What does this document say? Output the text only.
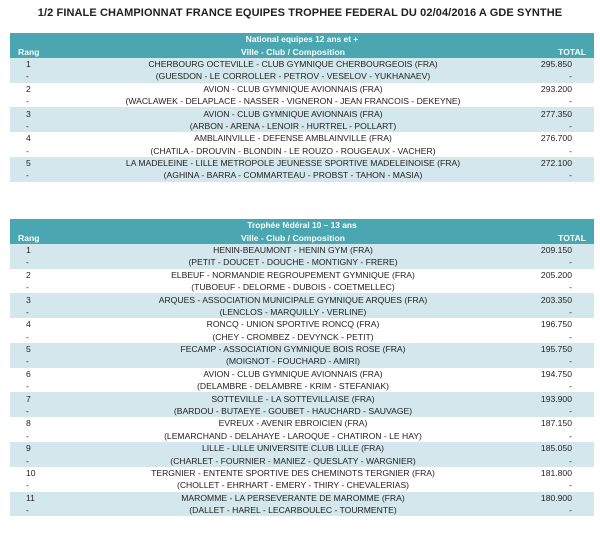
1/2 FINALE CHAMPIONNAT FRANCE EQUIPES TROPHEE FEDERAL DU 02/04/2016 A GDE SYNTHE
National equipes 12 ans et +		
Rang	Ville - Club / Composition	TOTAL
1	CHERBOURG OCTEVILLE - CLUB GYMNIQUE CHERBOURGEOIS (FRA)	295.850
-	(GUESDON - LE CORROLLER - PETROV - VESELOV - YUKHANAEV)	-
2	AVION - CLUB GYMNIQUE AVIONNAIS (FRA)	293.200
-	(WACLAWEK - DELAPLACE - NASSER - VIGNERON - JEAN FRANCOIS - DEKEYNE)	-
3	AVION - CLUB GYMNIQUE AVIONNAIS (FRA)	277.350
-	(ARBON - ARENA - LENOIR - HURTREL - POLLART)	-
4	AMBLAINVILLE - DEFENSE AMBLAINVILLE (FRA)	276.700
-	(CHATILA - DROUVIN - BLONDIN - LE ROUZO - ROUGEAUX - VACHER)	-
5	LA MADELEINE - LILLE METROPOLE JEUNESSE SPORTIVE MADELEINOISE (FRA)	272.100
-	(AGHINA - BARRA - COMMARTEAU - PROBST - TAHON - MASIA)	-
Trophée fédéral 10 – 13 ans		
Rang	Ville - Club / Composition	TOTAL
1	HENIN-BEAUMONT - HENIN GYM (FRA)	209.150
-	(PETIT - DOUCET - DOUCHE - MONTIGNY - FRERE)	-
2	ELBEUF - NORMANDIE REGROUPEMENT GYMNIQUE (FRA)	205.200
-	(TUBOEUF - DELORME - DUBOIS - COETMELLEC)	-
3	ARQUES - ASSOCIATION MUNICIPALE GYMNIQUE ARQUES (FRA)	203.350
-	(LENCLOS - MARQUILLY - VERLINE)	-
4	RONCQ - UNION SPORTIVE RONCQ (FRA)	196.750
-	(CHEY - CROMBEZ - DEVYNCK - PETIT)	-
5	FECAMP - ASSOCIATION GYMNIQUE BOIS ROSE (FRA)	195.750
-	(MOIGNOT - FOUCHARD - AMIRI)	-
6	AVION - CLUB GYMNIQUE AVIONNAIS (FRA)	194.750
-	(DELAMBRE - DELAMBRE - KRIM - STEFANIAK)	-
7	SOTTEVILLE - LA SOTTEVILLAISE (FRA)	193.900
-	(BARDOU - BUTAEYE - GOUBET - HAUCHARD - SAUVAGE)	-
8	EVREUX - AVENIR EBROICIEN (FRA)	187.150
-	(LEMARCHAND - DELAHAYE - LAROQUE - CHATIRON - LE HAY)	-
9	LILLE - LILLE UNIVERSITE CLUB LILLE (FRA)	185.050
-	(CHARLET - FOURNIER - MANIEZ - QUESLATY - WARGNIER)	-
10	TERGNIER - ENTENTE SPORTIVE DES CHEMINOTS TERGNIER (FRA)	181.800
-	(CHOLLET - EHRHART - EMERY - THIRY - CHEVALERIAS)	-
11	MAROMME - LA PERSEVERANTE DE MAROMME (FRA)	180.900
-	(DALLET - HAREL - LECARBOULEC - TOURMENTE)	-
